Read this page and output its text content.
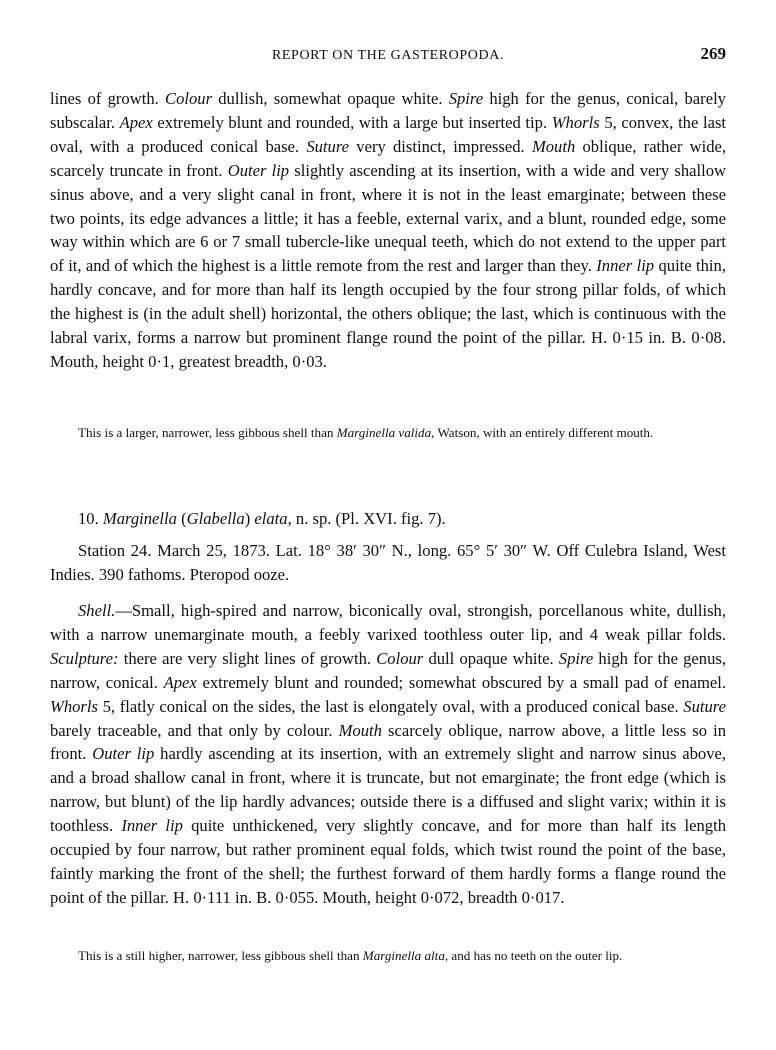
REPORT ON THE GASTEROPODA.	269

lines of growth. Colour dullish, somewhat opaque white. Spire high for the genus, conical, barely subscalar. Apex extremely blunt and rounded, with a large but inserted tip. Whorls 5, convex, the last oval, with a produced conical base. Suture very distinct, impressed. Mouth oblique, rather wide, scarcely truncate in front. Outer lip slightly ascending at its insertion, with a wide and very shallow sinus above, and a very slight canal in front, where it is not in the least emarginate; between these two points, its edge advances a little; it has a feeble, external varix, and a blunt, rounded edge, some way within which are 6 or 7 small tubercle-like unequal teeth, which do not extend to the upper part of it, and of which the highest is a little remote from the rest and larger than they. Inner lip quite thin, hardly concave, and for more than half its length occupied by the four strong pillar folds, of which the highest is (in the adult shell) horizontal, the others oblique; the last, which is continuous with the labral varix, forms a narrow but prominent flange round the point of the pillar. H. 0·15 in. B. 0·08. Mouth, height 0·1, greatest breadth, 0·03.

This is a larger, narrower, less gibbous shell than Marginella valida, Watson, with an entirely different mouth.

10. Marginella (Glabella) elata, n. sp. (Pl. XVI. fig. 7).

Station 24. March 25, 1873. Lat. 18° 38′ 30″ N., long. 65° 5′ 30″ W. Off Culebra Island, West Indies. 390 fathoms. Pteropod ooze.

Shell.—Small, high-spired and narrow, biconically oval, strongish, porcellanous white, dullish, with a narrow unemarginate mouth, a feebly varixed toothless outer lip, and 4 weak pillar folds. Sculpture: there are very slight lines of growth. Colour dull opaque white. Spire high for the genus, narrow, conical. Apex extremely blunt and rounded; somewhat obscured by a small pad of enamel. Whorls 5, flatly conical on the sides, the last is elongately oval, with a produced conical base. Suture barely traceable, and that only by colour. Mouth scarcely oblique, narrow above, a little less so in front. Outer lip hardly ascending at its insertion, with an extremely slight and narrow sinus above, and a broad shallow canal in front, where it is truncate, but not emarginate; the front edge (which is narrow, but blunt) of the lip hardly advances; outside there is a diffused and slight varix; within it is toothless. Inner lip quite unthickened, very slightly concave, and for more than half its length occupied by four narrow, but rather prominent equal folds, which twist round the point of the base, faintly marking the front of the shell; the furthest forward of them hardly forms a flange round the point of the pillar. H. 0·111 in. B. 0·055. Mouth, height 0·072, breadth 0·017.

This is a still higher, narrower, less gibbous shell than Marginella alta, and has no teeth on the outer lip.
